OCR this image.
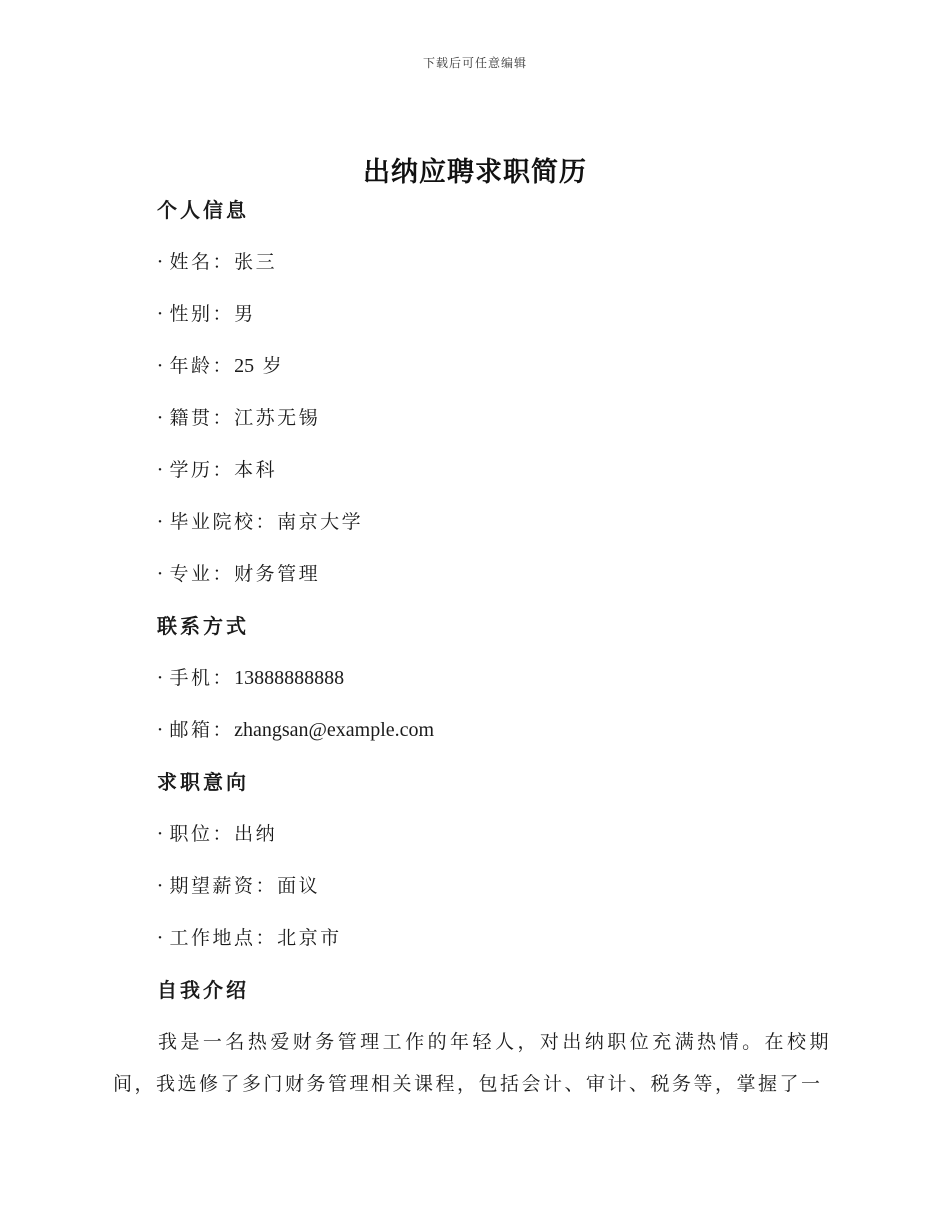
下载后可任意编辑
出纳应聘求职简历
个人信息
· 姓名：张三
· 性别：男
· 年龄：25 岁
· 籍贯：江苏无锡
· 学历：本科
· 毕业院校：南京大学
· 专业：财务管理
联系方式
· 手机：13888888888
· 邮箱：zhangsan@example.com
求职意向
· 职位：出纳
· 期望薪资：面议
· 工作地点：北京市
自我介绍

我是一名热爱财务管理工作的年轻人，对出纳职位充满热情。在校期间，我选修了多门财务管理相关课程，包括会计、审计、税务等，掌握了一
